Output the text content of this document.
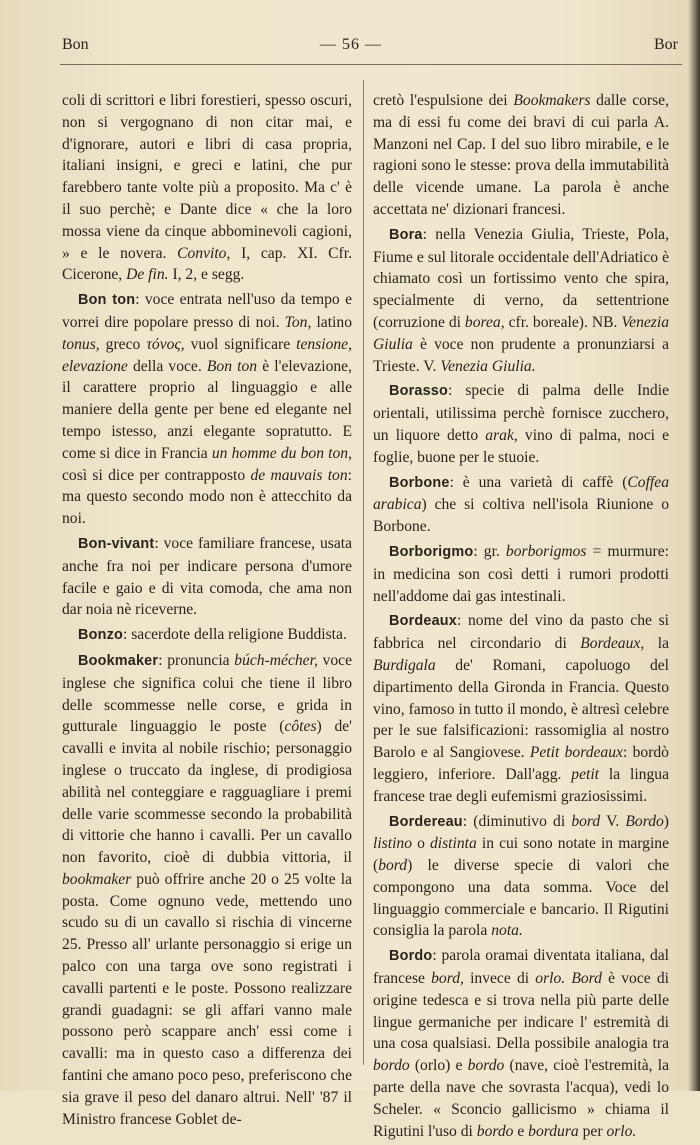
Bon	— 56 —	Bor

coli di scrittori e libri forestieri, spesso oscuri, non si vergognano di non citar mai, e d'ignorare, autori e libri di casa propria, italiani insigni, e greci e latini, che pur farebbero tante volte più a proposito. Ma c' è il suo perchè; e Dante dice « che la loro mossa viene da cinque abbominevoli cagioni, » e le novera. Convito, I, cap. XI. Cfr. Cicerone, De fin. I, 2, e segg.

Bon ton: voce entrata nell'uso da tempo e vorrei dire popolare presso di noi. Ton, latino tonus, greco τόνος, vuol significare tensione, elevazione della voce. Bon ton è l'elevazione, il carattere proprio al linguaggio e alle maniere della gente per bene ed elegante nel tempo istesso, anzi elegante sopratutto. E come si dice in Francia un homme du bon ton, così si dice per contrapposto de mauvais ton: ma questo secondo modo non è attecchito da noi.

Bon-vivant: voce familiare francese, usata anche fra noi per indicare persona d'umore facile e gaio e di vita comoda, che ama non dar noia nè riceverne.

Bonzo: sacerdote della religione Buddista.

Bookmaker: pronuncia búch-mécher, voce inglese che significa colui che tiene il libro delle scommesse nelle corse, e grida in gutturale linguaggio le poste (côtes) de' cavalli e invita al nobile rischio; personaggio inglese o truccato da inglese, di prodigiosa abilità nel conteggiare e ragguagliare i premi delle varie scommesse secondo la probabilità di vittorie che hanno i cavalli. Per un cavallo non favorito, cioè di dubbia vittoria, il bookmaker può offrire anche 20 o 25 volte la posta. Come ognuno vede, mettendo uno scudo su di un cavallo si rischia di vincerne 25. Presso all' urlante personaggio si erige un palco con una targa ove sono registrati i cavalli partenti e le poste. Possono realizzare grandi guadagni: se gli affari vanno male possono però scappare anch' essi come i cavalli: ma in questo caso a differenza dei fantini che amano poco peso, preferiscono che sia grave il peso del danaro altrui. Nell' '87 il Ministro francese Goblet de-

cretò l'espulsione dei Bookmakers dalle corse, ma di essi fu come dei bravi di cui parla A. Manzoni nel Cap. I del suo libro mirabile, e le ragioni sono le stesse: prova della immutabilità delle vicende umane. La parola è anche accettata ne' dizionari francesi.

Bora: nella Venezia Giulia, Trieste, Pola, Fiume e sul litorale occidentale dell'Adriatico è chiamato così un fortissimo vento che spira, specialmente di verno, da settentrione (corruzione di borea, cfr. boreale). NB. Venezia Giulia è voce non prudente a pronunziarsi a Trieste. V. Venezia Giulia.

Borasso: specie di palma delle Indie orientali, utilissima perchè fornisce zucchero, un liquore detto arak, vino di palma, noci e foglie, buone per le stuoie.

Borbone: è una varietà di caffè (Coffea arabica) che si coltiva nell'isola Riunione o Borbone.

Borborigmo: gr. borborigmos = murmure: in medicina son così detti i rumori prodotti nell'addome dai gas intestinali.

Bordeaux: nome del vino da pasto che si fabbrica nel circondario di Bordeaux, la Burdigala de' Romani, capoluogo del dipartimento della Gironda in Francia. Questo vino, famoso in tutto il mondo, è altresì celebre per le sue falsificazioni: rassomiglia al nostro Barolo e al Sangiovese. Petit bordeaux: bordò leggiero, inferiore. Dall'agg. petit la lingua francese trae degli eufemismi graziosissimi.

Bordereau: (diminutivo di bord V. Bordo) listino o distinta in cui sono notate in margine (bord) le diverse specie di valori che compongono una data somma. Voce del linguaggio commerciale e bancario. Il Rigutini consiglia la parola nota.

Bordo: parola oramai diventata italiana, dal francese bord, invece di orlo. Bord è voce di origine tedesca e si trova nella più parte delle lingue germaniche per indicare l' estremità di una cosa qualsiasi. Della possibile analogia tra bordo (orlo) e bordo (nave, cioè l'estremità, la parte della nave che sovrasta l'acqua), vedi lo Scheler. « Sconcio gallicismo » chiama il Rigutini l'uso di bordo e bordura per orlo.
